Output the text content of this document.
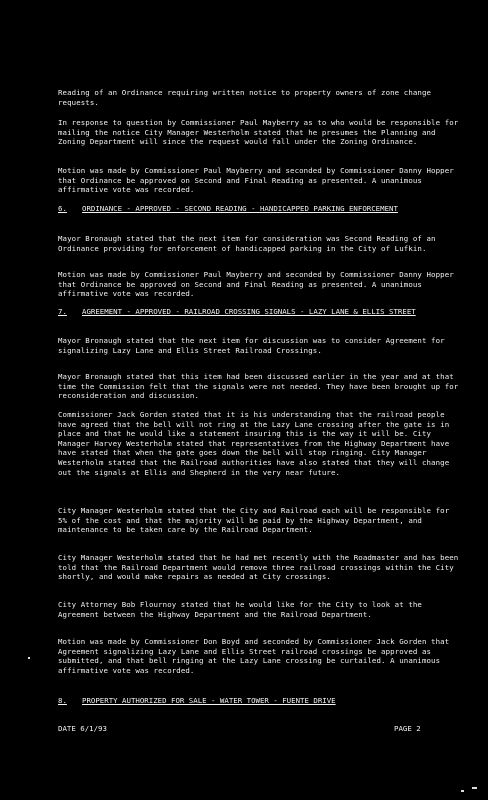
Reading of an Ordinance requiring written notice to property owners of zone change requests.

In response to question by Commissioner Paul Mayberry as to who would be responsible for mailing the notice City Manager Westerholm stated that he presumes the Planning and Zoning Department will since the request would fall under the Zoning Ordinance.

Motion was made by Commissioner Paul Mayberry and seconded by Commissioner Danny Hopper that Ordinance be approved on Second and Final Reading as presented. A unanimous affirmative vote was recorded.

6. ORDINANCE - APPROVED - SECOND READING - HANDICAPPED PARKING ENFORCEMENT

Mayor Bronaugh stated that the next item for consideration was Second Reading of an Ordinance providing for enforcement of handicapped parking in the City of Lufkin.

Motion was made by Commissioner Paul Mayberry and seconded by Commissioner Danny Hopper that Ordinance be approved on Second and Final Reading as presented. A unanimous affirmative vote was recorded.

7. AGREEMENT - APPROVED - RAILROAD CROSSING SIGNALS - LAZY LANE & ELLIS STREET

Mayor Bronaugh stated that the next item for discussion was to consider Agreement for signalizing Lazy Lane and Ellis Street Railroad Crossings.

Mayor Bronaugh stated that this item had been discussed earlier in the year and at that time the Commission felt that the signals were not needed. They have been brought up for reconsideration and discussion.

Commissioner Jack Gorden stated that it is his understanding that the railroad people have agreed that the bell will not ring at the Lazy Lane crossing after the gate is in place and that he would like a statement insuring this is the way it will be. City Manager Harvey Westerholm stated that representatives from the Highway Department have have stated that when the gate goes down the bell will stop ringing. City Manager Westerholm stated that the Railroad authorities have also stated that they will change out the signals at Ellis and Shepherd in the very near future.

City Manager Westerholm stated that the City and Railroad each will be responsible for 5% of the cost and that the majority will be paid by the Highway Department, and maintenance to be taken care by the Railroad Department.

City Manager Westerholm stated that he had met recently with the Roadmaster and has been told that the Railroad Department would remove three railroad crossings within the City shortly, and would make repairs as needed at City crossings.

City Attorney Bob Flournoy stated that he would like for the City to look at the Agreement between the Highway Department and the Railroad Department.

Motion was made by Commissioner Don Boyd and seconded by Commissioner Jack Gorden that Agreement signalizing Lazy Lane and Ellis Street railroad crossings be approved as submitted, and that bell ringing at the Lazy Lane crossing be curtailed. A unanimous affirmative vote was recorded.

8. PROPERTY AUTHORIZED FOR SALE - WATER TOWER - FUENTE DRIVE
DATE 6/1/93	PAGE 2
